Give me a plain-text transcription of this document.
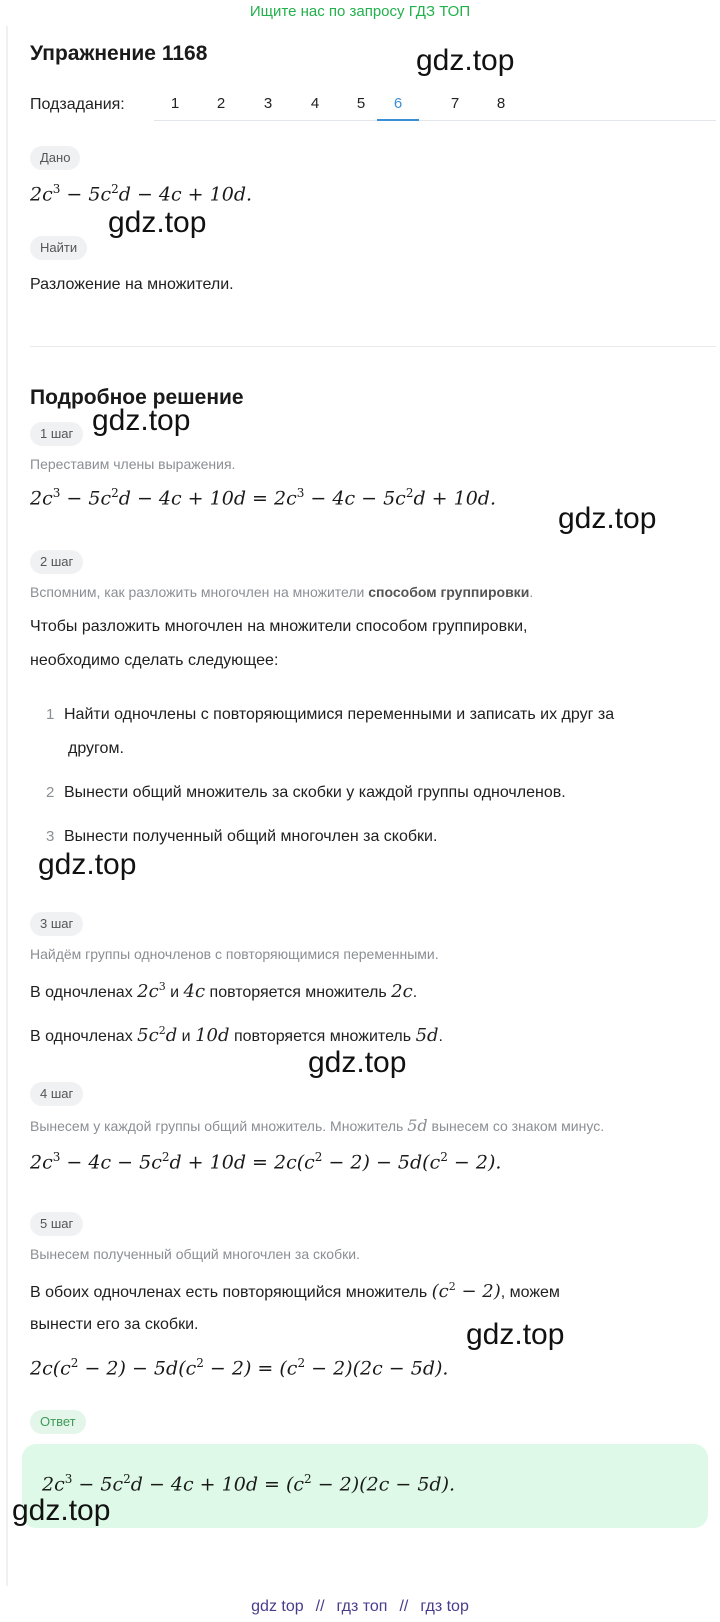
Ищите нас по запросу ГДЗ ТОП
Упражнение 1168	gdz.top
Подзадания:	1	2	3	4	5	6	7	8
Дано
$2c^3 - 5c^2d - 4c + 10d$.
gdz.top
Найти
Разложение на множители.
Подробное решение
1 шаг gdz.top
Переставим члены выражения.
$2c^3 - 5c^2d - 4c + 10d = 2c^3 - 4c - 5c^2d + 10d$.
gdz.top
2 шаг
Вспомним, как разложить многочлен на множители способом группировки.
Чтобы разложить многочлен на множители способом группировки,
необходимо сделать следующее:
1 Найти одночлены с повторяющимися переменными и записать их друг за
другом.
2 Вынести общий множитель за скобки у каждой группы одночленов.
3 Вынести полученный общий многочлен за скобки.
gdz.top
3 шаг
Найдём группы одночленов с повторяющимися переменными.
В одночленах $2c^3$ и 4c повторяется множитель 2c.
В одночленах $5c^2d$ и 10d повторяется множитель 5d.
gdz.top
4 шаг
Вынесем у каждой группы общий множитель. Множитель 5d вынесем со знаком минус.
$2c^3 - 4c - 5c^2d + 10d = 2c(c^2 - 2) - 5d(c^2 - 2)$.
5 шаг
Вынесем полученный общий многочлен за скобки.
В обоих одночленах есть повторяющийся множитель $(c^2 - 2)$, можем
вынести его за скобки.	gdz.top
$2c(c^2 - 2) - 5d(c^2 - 2) = (c^2 - 2)(2c - 5d)$.
Ответ
$2c^3 - 5c^2d - 4c + 10d = (c^2 - 2)(2c - 5d)$.
gdz.top
gdz top // гдз топ // гдз top
